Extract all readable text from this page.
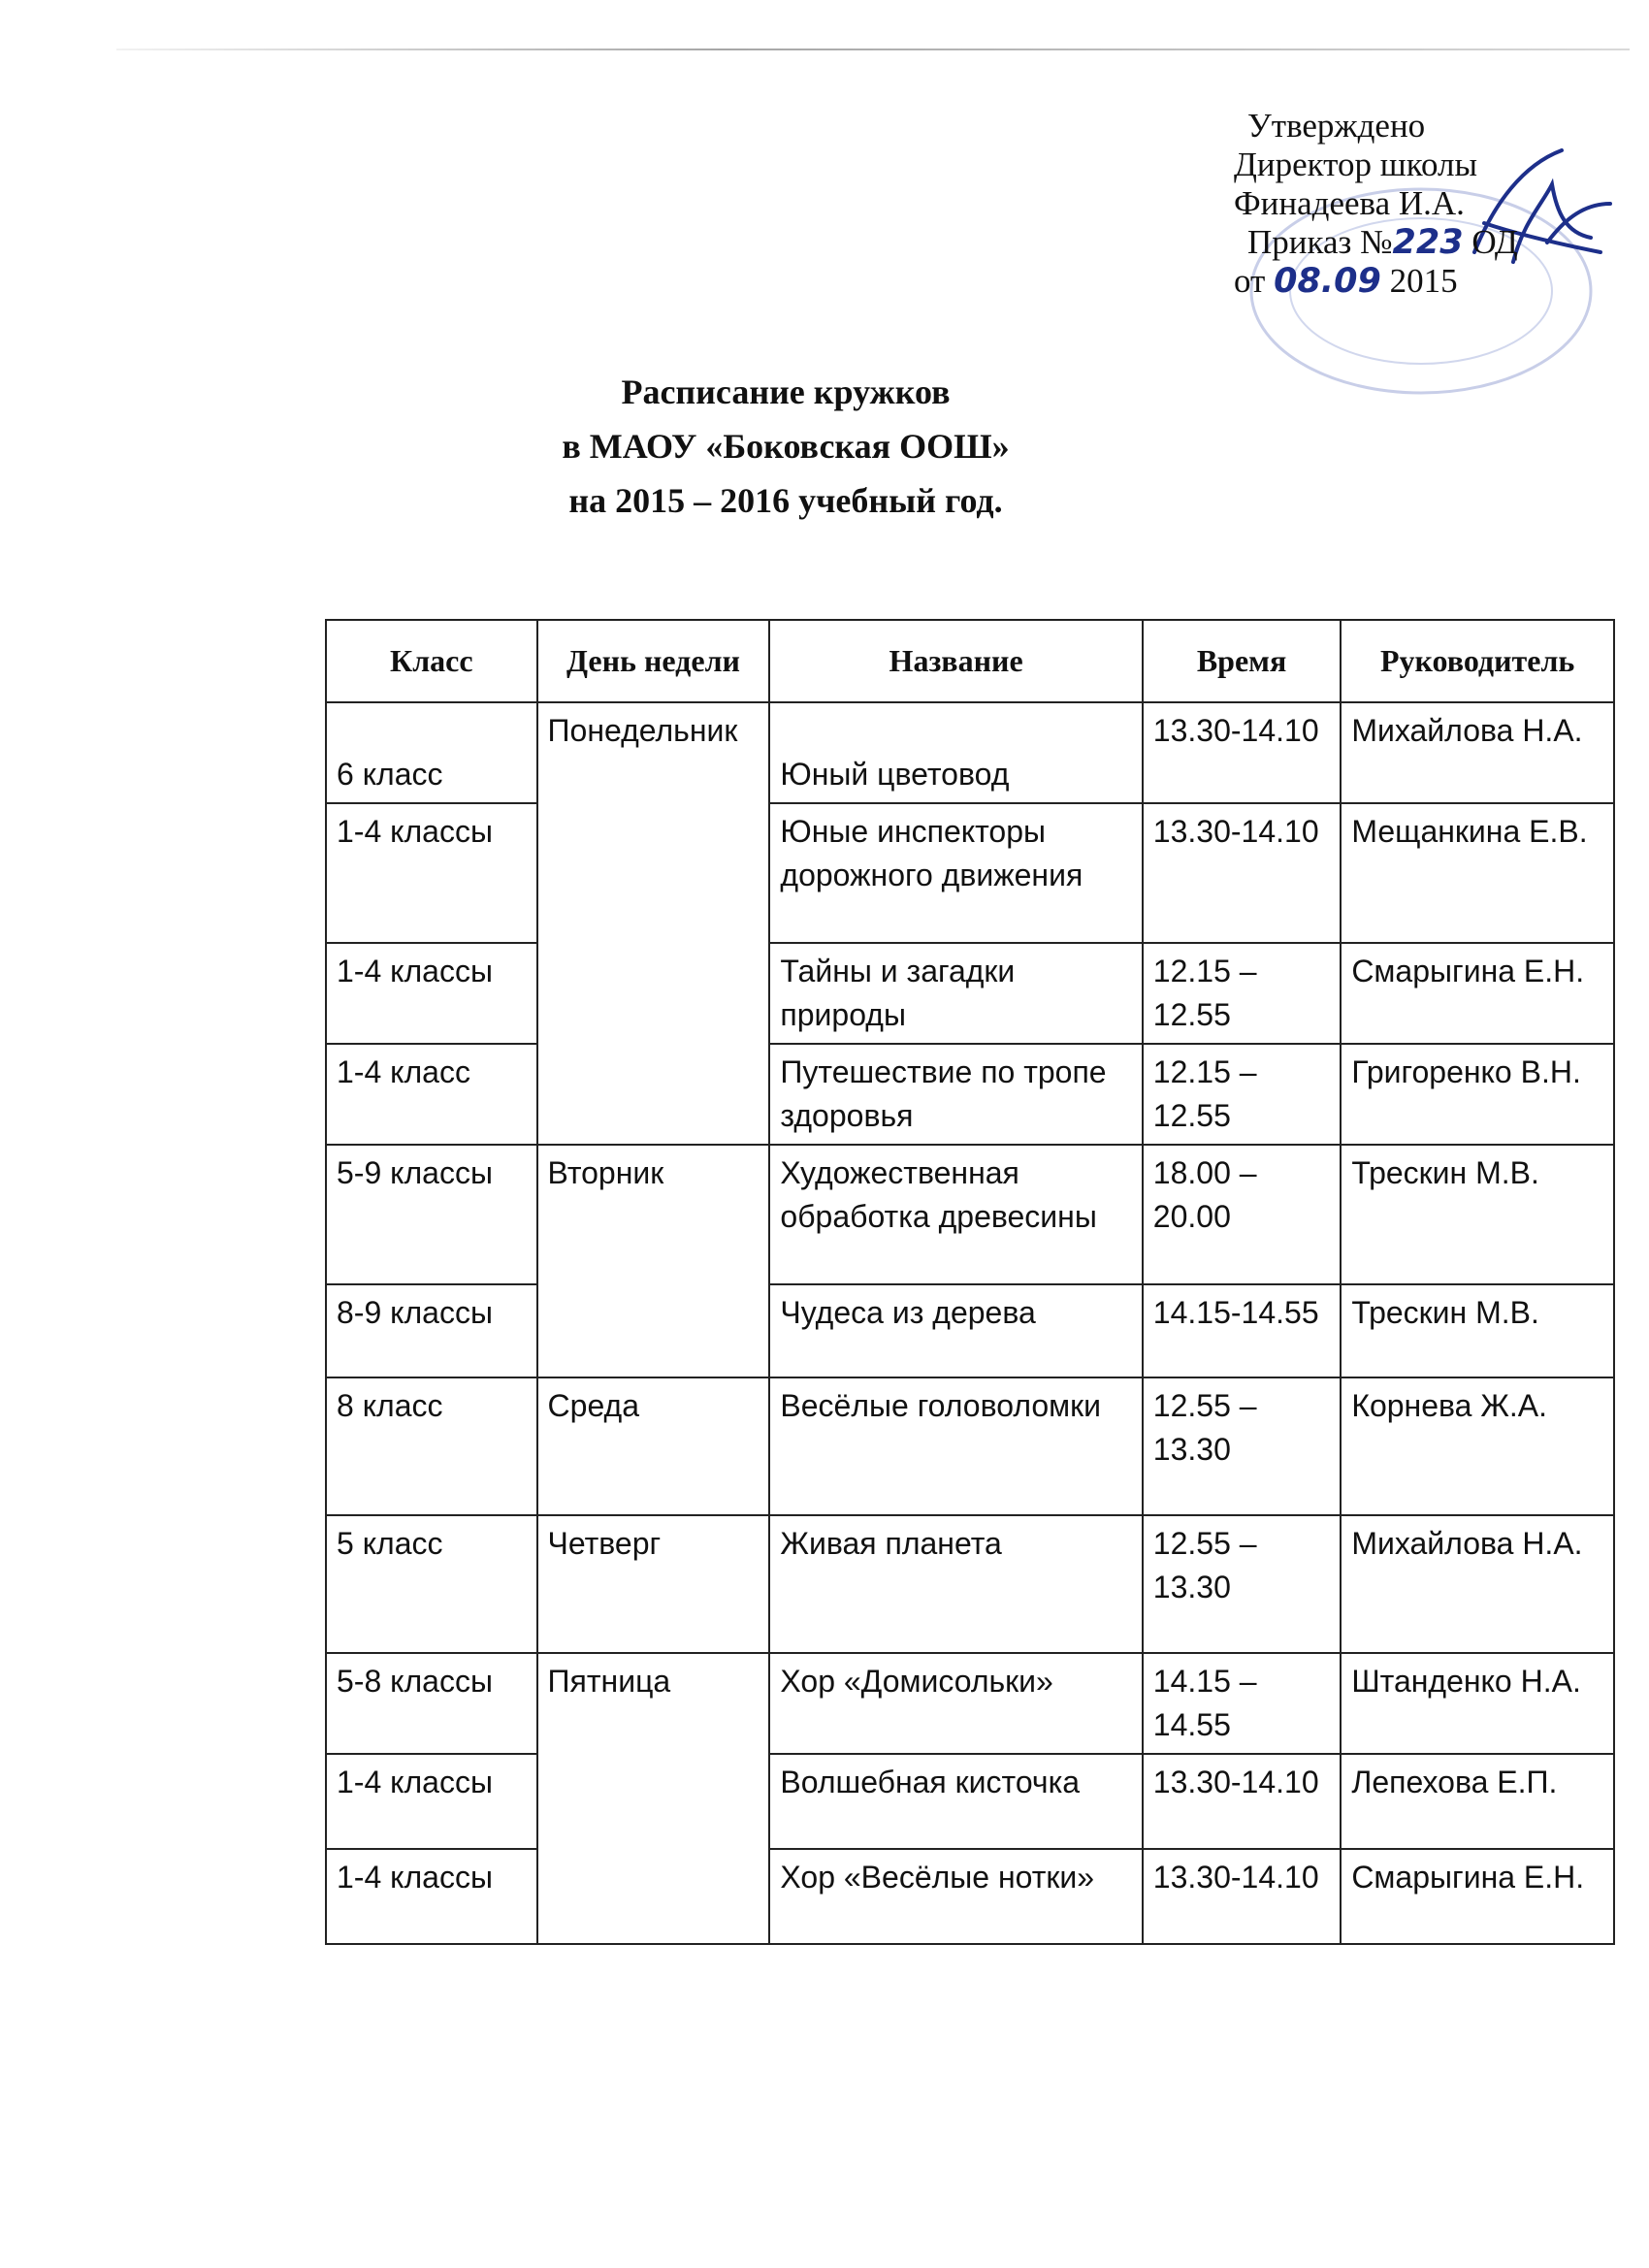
Утверждено
Директор школы
Финадеева И.А.
Приказ №223 ОД
от 08.09 2015
Расписание кружков
в МАОУ «Боковская ООШ»
на 2015 – 2016 учебный год.
Класс	День недели	Название	Время	Руководитель
6 класс	Понедельник	Юный цветовод	13.30-14.10	Михайлова Н.А.
1-4 классы		Юные инспекторы дорожного движения	13.30-14.10	Мещанкина Е.В.
1-4 классы		Тайны и загадки природы	12.15 – 12.55	Смарыгина Е.Н.
1-4 класс		Путешествие по тропе здоровья	12.15 – 12.55	Григоренко В.Н.
5-9 классы	Вторник	Художественная обработка древесины	18.00 – 20.00	Трескин М.В.
8-9 классы		Чудеса из дерева	14.15-14.55	Трескин М.В.
8 класс	Среда	Весёлые головоломки	12.55 – 13.30	Корнева Ж.А.
5 класс	Четверг	Живая планета	12.55 – 13.30	Михайлова Н.А.
5-8 классы	Пятница	Хор «Домисольки»	14.15 – 14.55	Штанденко Н.А.
1-4 классы		Волшебная кисточка	13.30-14.10	Лепехова Е.П.
1-4 классы		Хор «Весёлые нотки»	13.30-14.10	Смарыгина Е.Н.
